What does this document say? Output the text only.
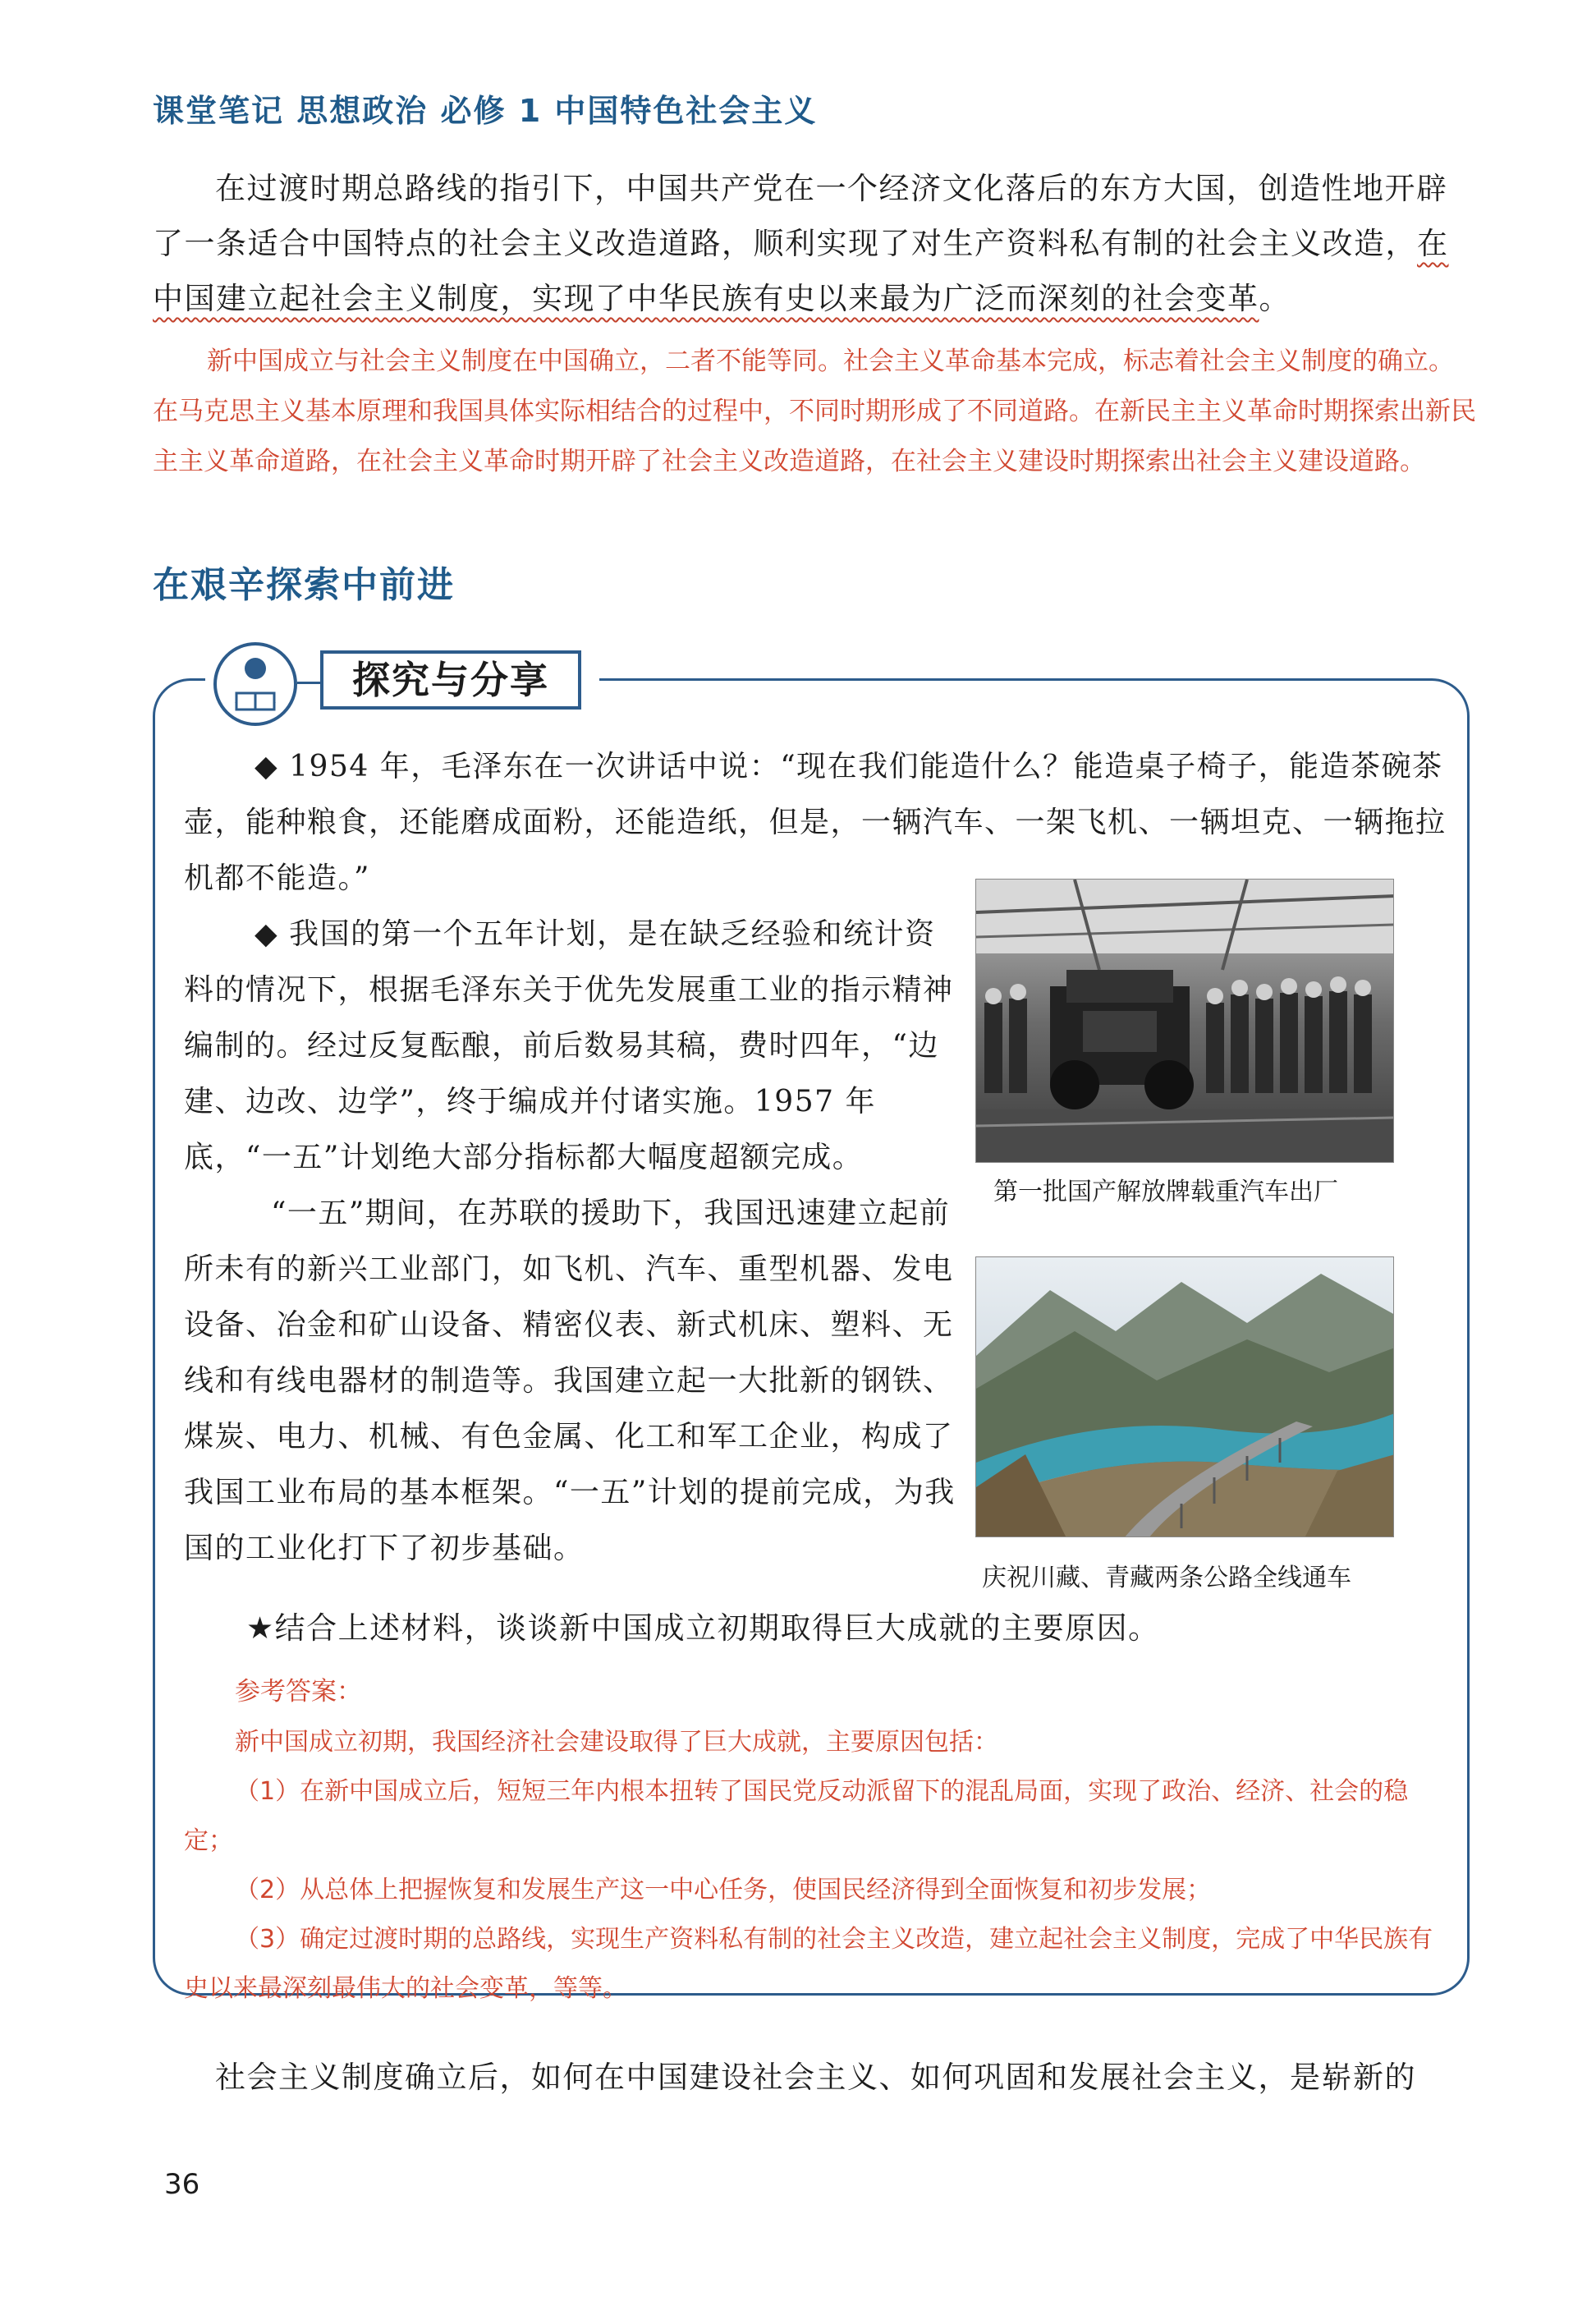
课堂笔记 思想政治 必修 1 中国特色社会主义
在过渡时期总路线的指引下，中国共产党在一个经济文化落后的东方大国，创造性地开辟了一条适合中国特点的社会主义改造道路，顺利实现了对生产资料私有制的社会主义改造，在中国建立起社会主义制度，实现了中华民族有史以来最为广泛而深刻的社会变革。
新中国成立与社会主义制度在中国确立，二者不能等同。社会主义革命基本完成，标志着社会主义制度的确立。在马克思主义基本原理和我国具体实际相结合的过程中，不同时期形成了不同道路。在新民主主义革命时期探索出新民主主义革命道路，在社会主义革命时期开辟了社会主义改造道路，在社会主义建设时期探索出社会主义建设道路。
在艰辛探索中前进
探究与分享
◆ 1954 年，毛泽东在一次讲话中说：“现在我们能造什么？能造桌子椅子，能造茶碗茶壶，能种粮食，还能磨成面粉，还能造纸，但是，一辆汽车、一架飞机、一辆坦克、一辆拖拉机都不能造。”
◆ 我国的第一个五年计划，是在缺乏经验和统计资料的情况下，根据毛泽东关于优先发展重工业的指示精神编制的。经过反复酝酿，前后数易其稿，费时四年，“边建、边改、边学”，终于编成并付诸实施。1957 年底，“一五”计划绝大部分指标都大幅度超额完成。
“一五”期间，在苏联的援助下，我国迅速建立起前所未有的新兴工业部门，如飞机、汽车、重型机器、发电设备、冶金和矿山设备、精密仪表、新式机床、塑料、无线和有线电器材的制造等。我国建立起一大批新的钢铁、煤炭、电力、机械、有色金属、化工和军工企业，构成了我国工业布局的基本框架。“一五”计划的提前完成，为我国的工业化打下了初步基础。
第一批国产解放牌载重汽车出厂
庆祝川藏、青藏两条公路全线通车
★结合上述材料，谈谈新中国成立初期取得巨大成就的主要原因。
参考答案：
新中国成立初期，我国经济社会建设取得了巨大成就，主要原因包括：
（1）在新中国成立后，短短三年内根本扭转了国民党反动派留下的混乱局面，实现了政治、经济、社会的稳定；
（2）从总体上把握恢复和发展生产这一中心任务，使国民经济得到全面恢复和初步发展；
（3）确定过渡时期的总路线，实现生产资料私有制的社会主义改造，建立起社会主义制度，完成了中华民族有史以来最深刻最伟大的社会变革，等等。
社会主义制度确立后，如何在中国建设社会主义、如何巩固和发展社会主义，是崭新的
36
